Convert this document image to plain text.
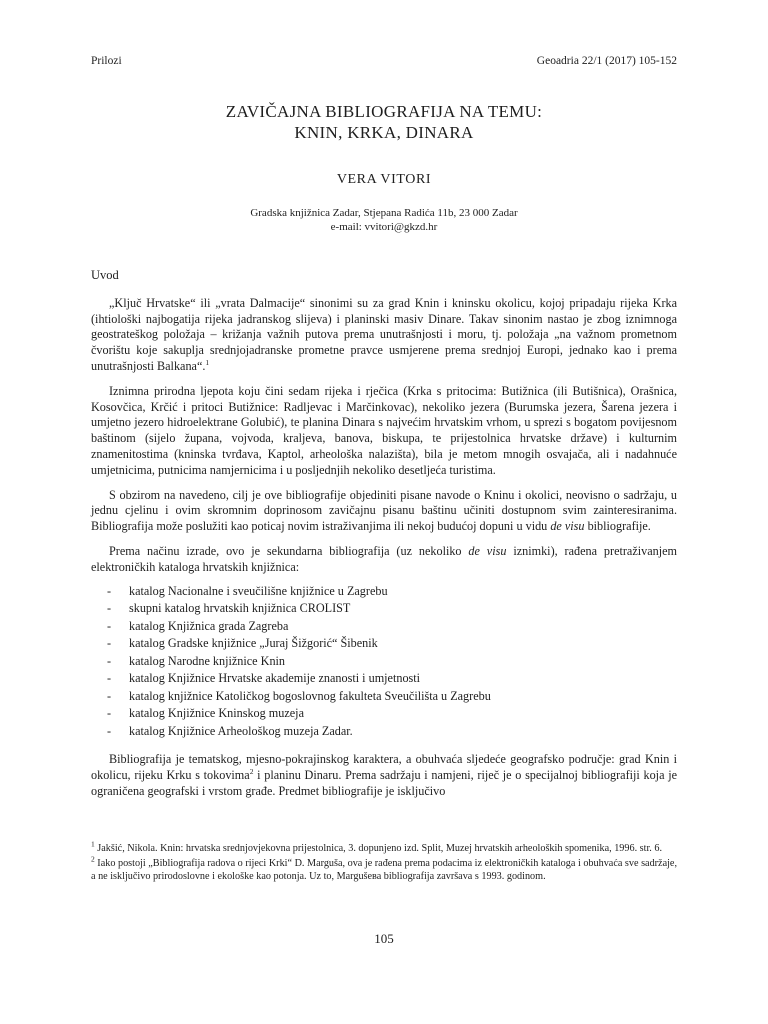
Prilozi	Geoadria 22/1 (2017) 105-152
ZAVIČAJNA BIBLIOGRAFIJA NA TEMU:
KNIN, KRKA, DINARA
VERA VITORI
Gradska knjižnica Zadar, Stjepana Radića 11b, 23 000 Zadar
e-mail: vvitori@gkzd.hr
Uvod

„Ključ Hrvatske“ ili „vrata Dalmacije“ sinonimi su za grad Knin i kninsku okolicu, kojoj pripadaju rijeka Krka (ihtiološki najbogatija rijeka jadranskog slijeva) i planinski masiv Dinare. Takav sinonim nastao je zbog iznimnoga geostrateškog položaja – križanja važnih putova prema unutrašnjosti i moru, tj. položaja „na važnom prometnom čvorištu koje sakuplja srednjojadranske prometne pravce usmjerene prema srednjoj Europi, jednako kao i prema unutrašnjosti Balkana“.$^1$

Iznimna prirodna ljepota koju čini sedam rijeka i rječica (Krka s pritocima: Butižnica (ili Butišnica), Orašnica, Kosovčica, Krčić i pritoci Butižnice: Radljevac i Marčinkovac), nekoliko jezera (Burumska jezera, Šarena jezera i umjetno jezero hidroelektrane Golubić), te planina Dinara s najvećim hrvatskim vrhom, u sprezi s bogatom povijesnom baštinom (sijelo župana, vojvoda, kraljeva, banova, biskupa, te prijestolnica hrvatske države) i kulturnim znamenitostima (kninska tvrđava, Kaptol, arheološka nalazišta), bila je metom mnogih osvajača, ali i nadahnuće umjetnicima, putnicima namjernicima i u posljednjih nekoliko desetljeća turistima.

S obzirom na navedeno, cilj je ove bibliografije objediniti pisane navode o Kninu i okolici, neovisno o sadržaju, u jednu cjelinu i ovim skromnim doprinosom zavičajnu pisanu baštinu učiniti dostupnom svim zainteresiranima. Bibliografija može poslužiti kao poticaj novim istraživanjima ili nekoj budućoj dopuni u vidu de visu bibliografije.

Prema načinu izrade, ovo je sekundarna bibliografija (uz nekoliko de visu iznimki), rađena pretraživanjem elektroničkih kataloga hrvatskih knjižnica:

-	katalog Nacionalne i sveučilišne knjižnice u Zagrebu
-	skupni katalog hrvatskih knjižnica CROLIST
-	katalog Knjižnica grada Zagreba
-	katalog Gradske knjižnice „Juraj Šižgorić“ Šibenik
-	katalog Narodne knjižnice Knin
-	katalog Knjižnice Hrvatske akademije znanosti i umjetnosti
-	katalog knjižnice Katoličkog bogoslovnog fakulteta Sveučilišta u Zagrebu
-	katalog Knjižnice Kninskog muzeja
-	katalog Knjižnice Arheološkog muzeja Zadar.

Bibliografija je tematskog, mjesno-pokrajinskog karaktera, a obuhvaća sljedeće geografsko područje: grad Knin i okolicu, rijeku Krku s tokovima$^2$ i planinu Dinaru. Prema sadržaju i namjeni, riječ je o specijalnoj bibliografiji koja je ograničena geografski i vrstom građe. Predmet bibliografije je isključivo

$^1$ Jakšić, Nikola. Knin: hrvatska srednjovjekovna prijestolnica, 3. dopunjeno izd. Split, Muzej hrvatskih arheoloških spomenika, 1996. str. 6.

$^2$ Iako postoji „Bibliografija radova o rijeci Krki“ D. Marguša, ova je rađena prema podacima iz elektroničkih kataloga i obuhvaća sve sadržaje, a ne isključivo prirodoslovne i ekološke kao potonja. Uz to, Margušева bibliografija završava s 1993. godinom.

105
